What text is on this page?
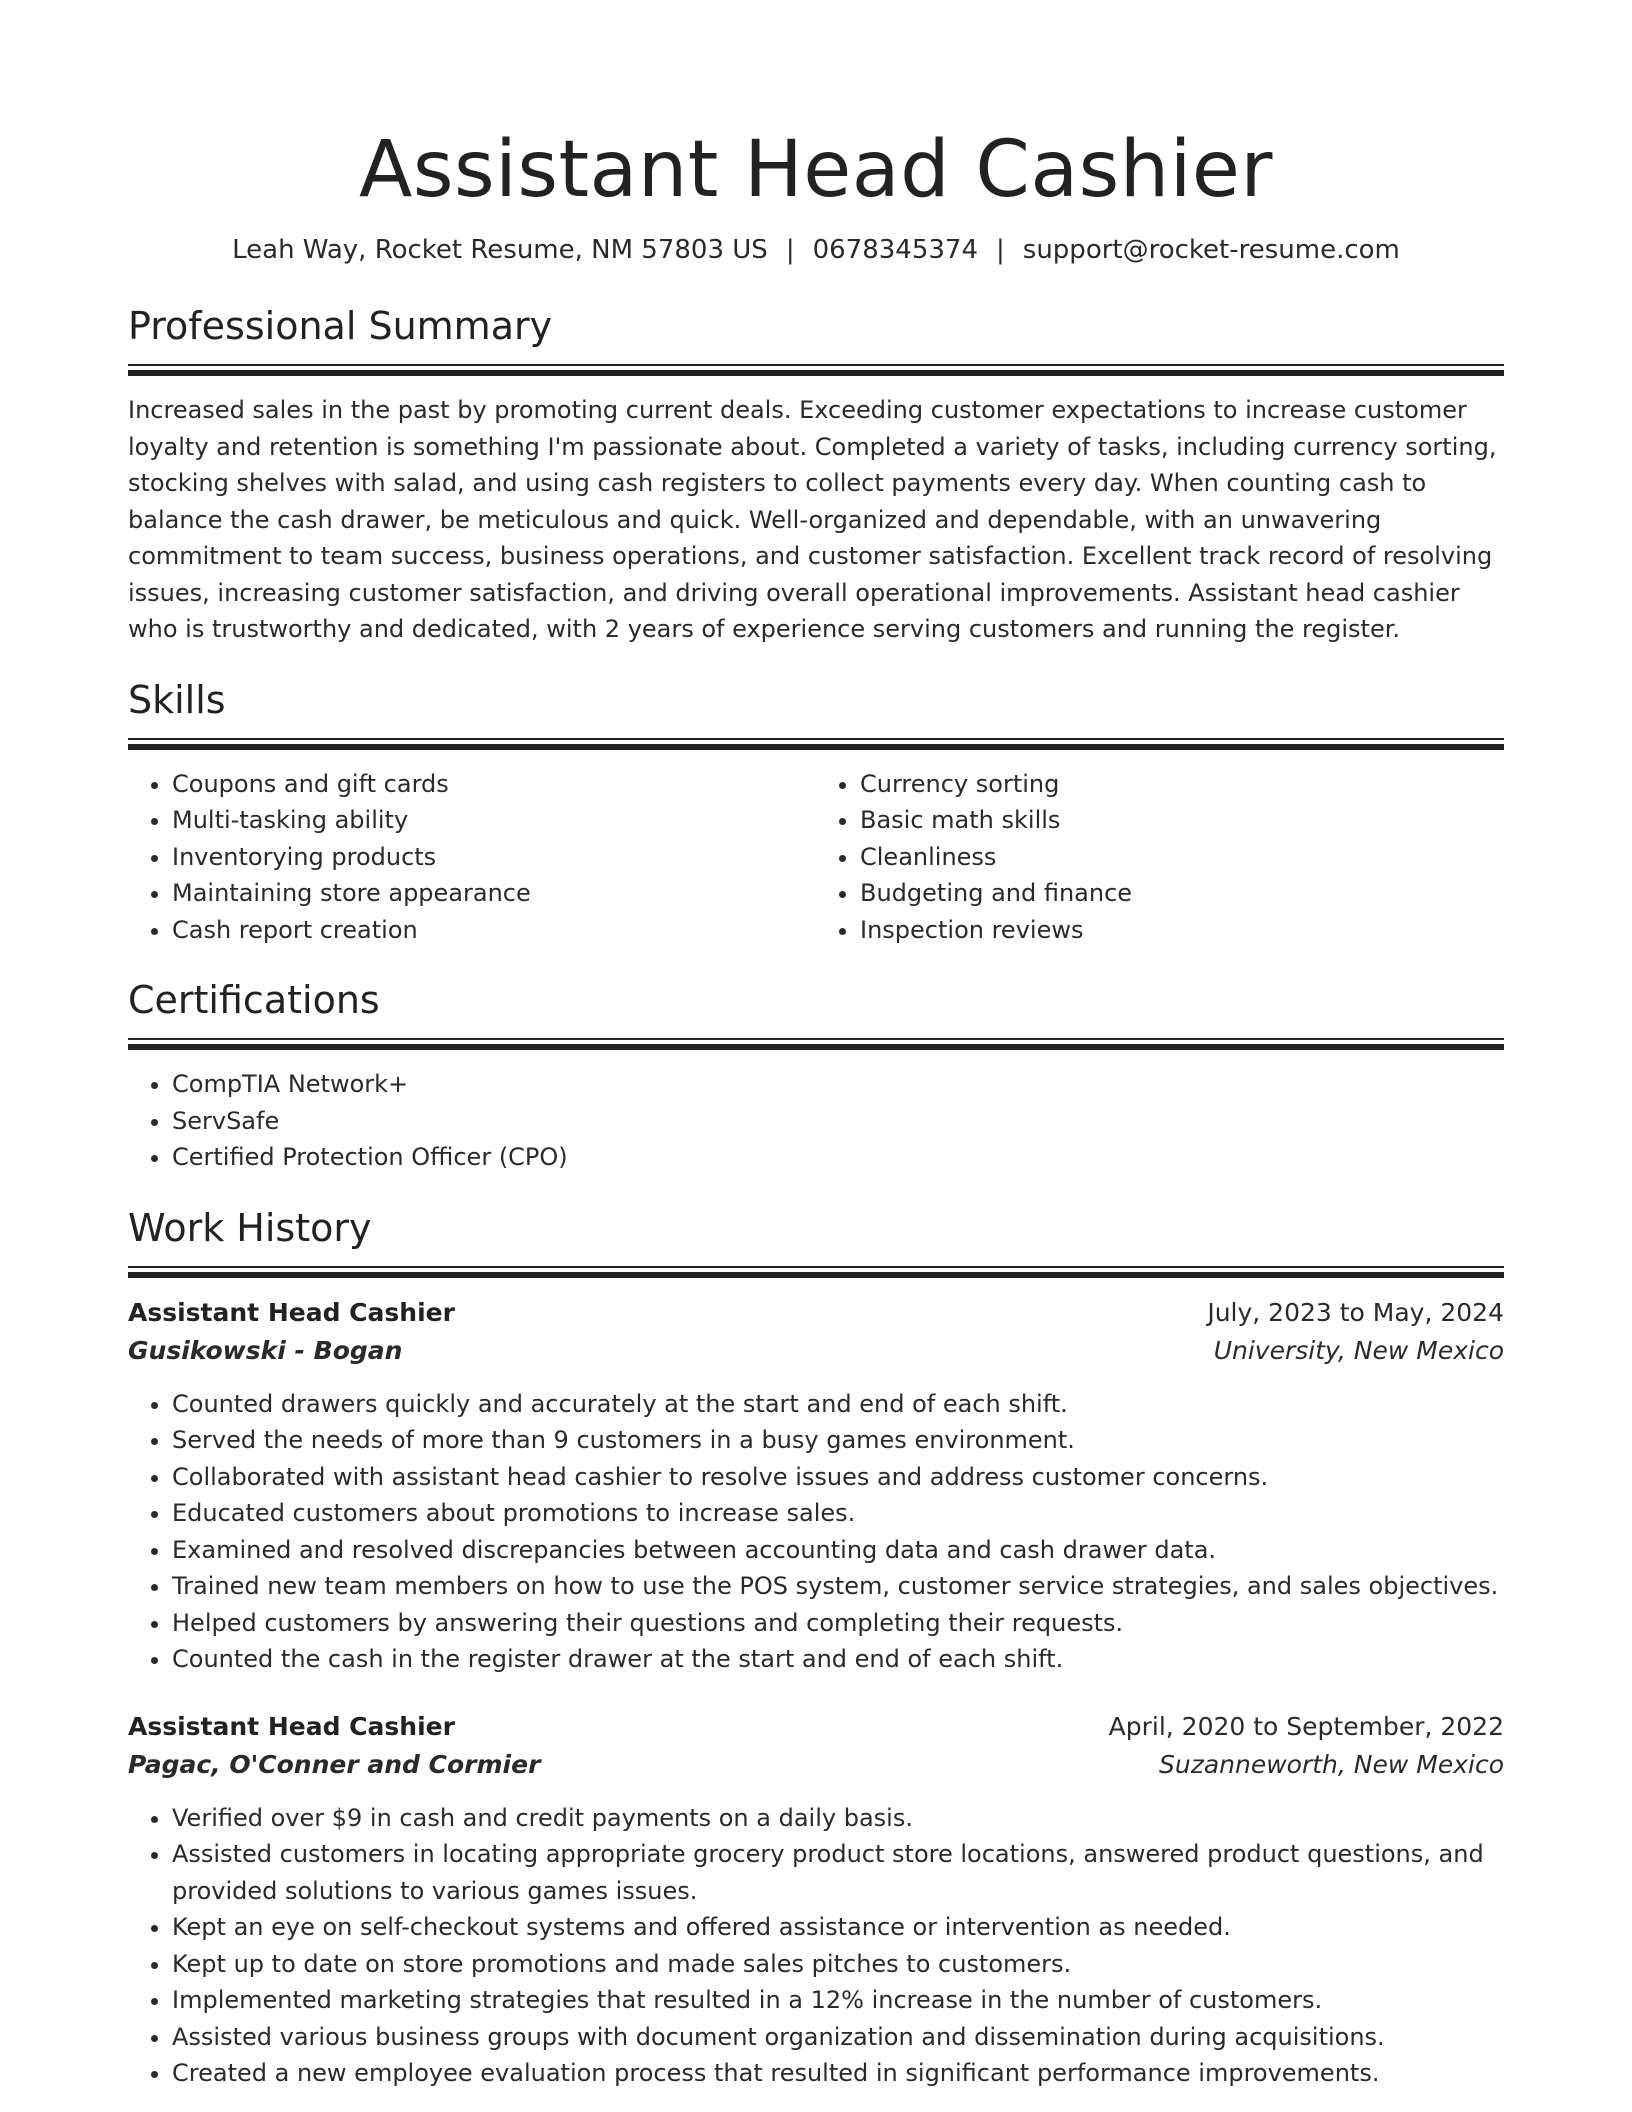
Assistant Head Cashier
Leah Way, Rocket Resume, NM 57803 US | 0678345374 | support@rocket-resume.com
Professional Summary

Increased sales in the past by promoting current deals. Exceeding customer expectations to increase customer loyalty and retention is something I'm passionate about. Completed a variety of tasks, including currency sorting, stocking shelves with salad, and using cash registers to collect payments every day. When counting cash to balance the cash drawer, be meticulous and quick. Well-organized and dependable, with an unwavering commitment to team success, business operations, and customer satisfaction. Excellent track record of resolving issues, increasing customer satisfaction, and driving overall operational improvements. Assistant head cashier who is trustworthy and dedicated, with 2 years of experience serving customers and running the register.

Skills
• Coupons and gift cards
• Multi-tasking ability
• Inventorying products
• Maintaining store appearance
• Cash report creation
• Currency sorting
• Basic math skills
• Cleanliness
• Budgeting and finance
• Inspection reviews
Certifications
• CompTIA Network+
• ServSafe
• Certified Protection Officer (CPO)
Work History
Assistant Head Cashier	July, 2023 to May, 2024
Gusikowski - Bogan	University, New Mexico
• Counted drawers quickly and accurately at the start and end of each shift.
• Served the needs of more than 9 customers in a busy games environment.
• Collaborated with assistant head cashier to resolve issues and address customer concerns.
• Educated customers about promotions to increase sales.
• Examined and resolved discrepancies between accounting data and cash drawer data.
• Trained new team members on how to use the POS system, customer service strategies, and sales objectives.
• Helped customers by answering their questions and completing their requests.
• Counted the cash in the register drawer at the start and end of each shift.
Assistant Head Cashier	April, 2020 to September, 2022
Pagac, O'Conner and Cormier	Suzanneworth, New Mexico
• Verified over $9 in cash and credit payments on a daily basis.
• Assisted customers in locating appropriate grocery product store locations, answered product questions, and provided solutions to various games issues.
• Kept an eye on self-checkout systems and offered assistance or intervention as needed.
• Kept up to date on store promotions and made sales pitches to customers.
• Implemented marketing strategies that resulted in a 12% increase in the number of customers.
• Assisted various business groups with document organization and dissemination during acquisitions.
• Created a new employee evaluation process that resulted in significant performance improvements.
